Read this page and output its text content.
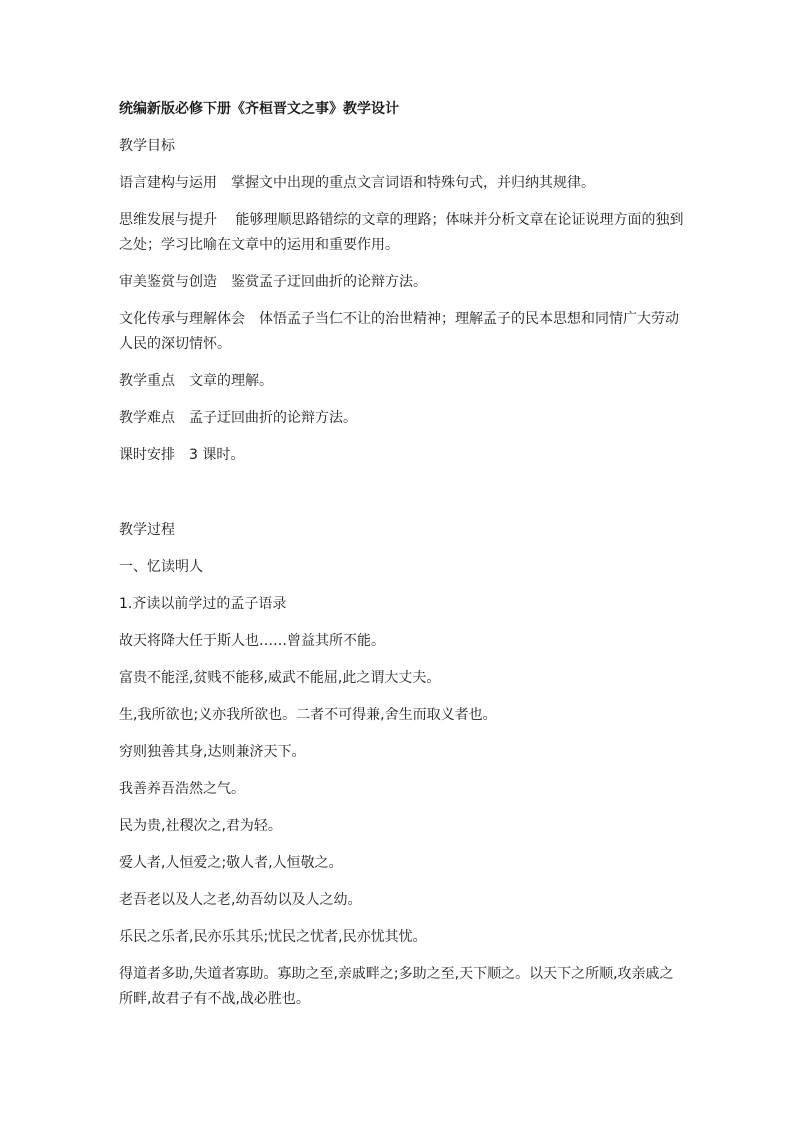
统编新版必修下册《齐桓晋文之事》教学设计
教学目标
语言建构与运用　掌握文中出现的重点文言词语和特殊句式，并归纳其规律。
思维发展与提升　 能够理顺思路错综的文章的理路；体味并分析文章在论证说理方面的独到之处；学习比喻在文章中的运用和重要作用。
审美鉴赏与创造　鉴赏孟子迂回曲折的论辩方法。
文化传承与理解体会　体悟孟子当仁不让的治世精神；理解孟子的民本思想和同情广大劳动人民的深切情怀。
教学重点　文章的理解。
教学难点　孟子迂回曲折的论辩方法。
课时安排　3 课时。
教学过程
一、忆读明人
1.齐读以前学过的孟子语录
故天将降大任于斯人也……曾益其所不能。
富贵不能淫,贫贱不能移,威武不能屈,此之谓大丈夫。
生,我所欲也;义亦我所欲也。二者不可得兼,舍生而取义者也。
穷则独善其身,达则兼济天下。
我善养吾浩然之气。
民为贵,社稷次之,君为轻。
爱人者,人恒爱之;敬人者,人恒敬之。
老吾老以及人之老,幼吾幼以及人之幼。
乐民之乐者,民亦乐其乐;忧民之忧者,民亦忧其忧。
得道者多助,失道者寡助。寡助之至,亲戚畔之;多助之至,天下顺之。以天下之所顺,攻亲戚之所畔,故君子有不战,战必胜也。
